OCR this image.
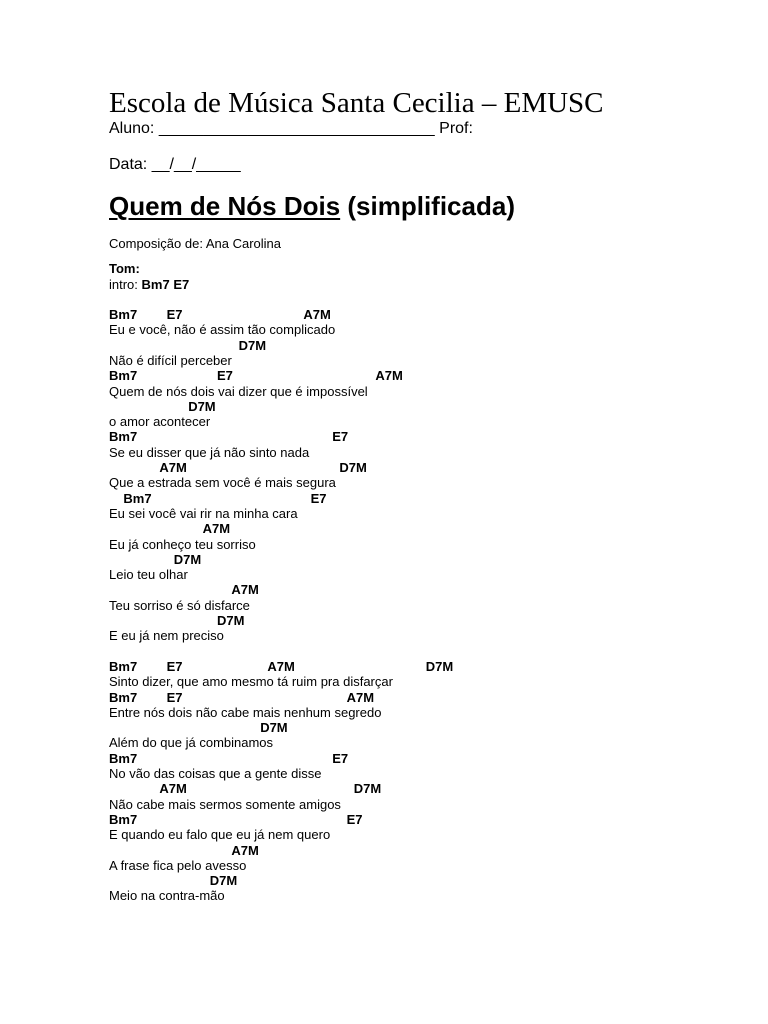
Escola de Música Santa Cecilia – EMUSC
Aluno: _______________________________ Prof:
Data: __/__/_____
Quem de Nós Dois (simplificada)
Composição de: Ana Carolina
Tom:
intro: Bm7 E7
Bm7 E7	A7M
Eu e você, não é assim tão complicado
D7M
Não é difícil perceber
Bm7	E7	A7M
Quem de nós dois vai dizer que é impossível
D7M
o amor acontecer
Bm7	E7
Se eu disser que já não sinto nada
A7M	D7M
Que a estrada sem você é mais segura
Bm7	E7
Eu sei você vai rir na minha cara
A7M
Eu já conheço teu sorriso
D7M
Leio teu olhar
A7M
Teu sorriso é só disfarce
D7M
E eu já nem preciso
Bm7 E7	A7M	D7M
Sinto dizer, que amo mesmo tá ruim pra disfarçar
Bm7 E7	A7M
Entre nós dois não cabe mais nenhum segredo
D7M
Além do que já combinamos
Bm7	E7
No vão das coisas que a gente disse
A7M	D7M
Não cabe mais sermos somente amigos
Bm7	E7
E quando eu falo que eu já nem quero
A7M
A frase fica pelo avesso
D7M
Meio na contra-mão
